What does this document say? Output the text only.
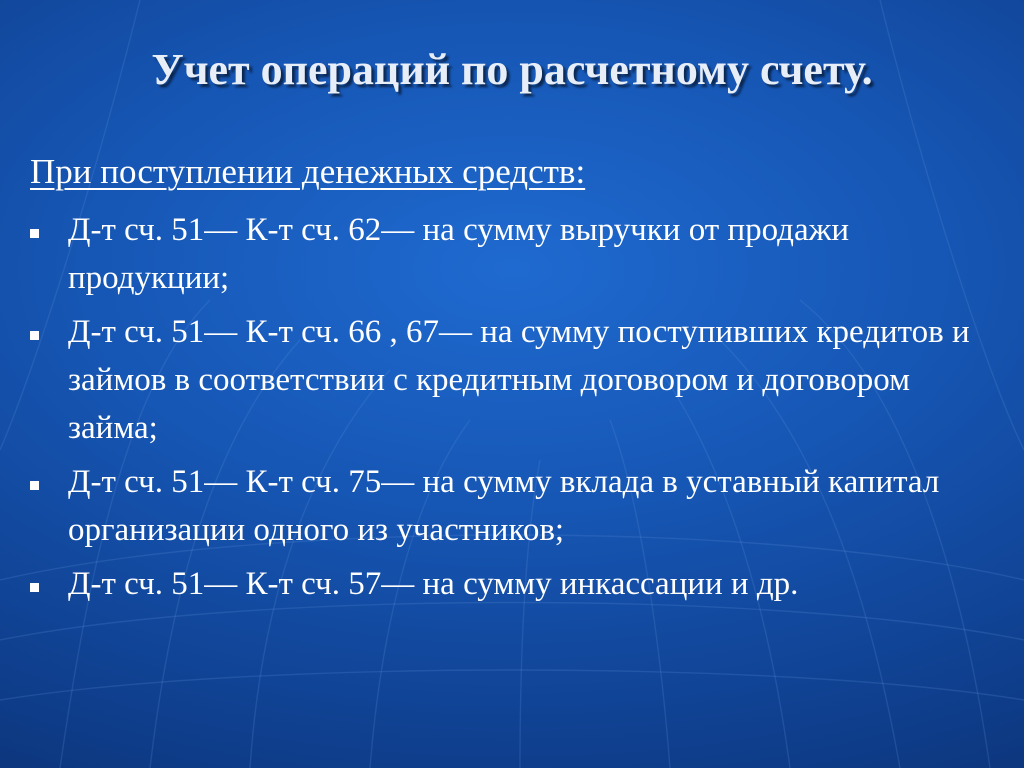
Учет операций по расчетному счету.
При поступлении денежных средств:
Д-т сч. 51— К-т сч. 62— на сумму выручки от продажи продукции;
Д-т сч. 51— К-т сч. 66 , 67— на сумму поступивших кредитов и займов в соответствии с кредитным договором и договором займа;
Д-т сч. 51— К-т сч. 75— на сумму вклада в уставный капитал организации одного из участников;
Д-т сч. 51— К-т сч. 57— на сумму инкассации и др.
